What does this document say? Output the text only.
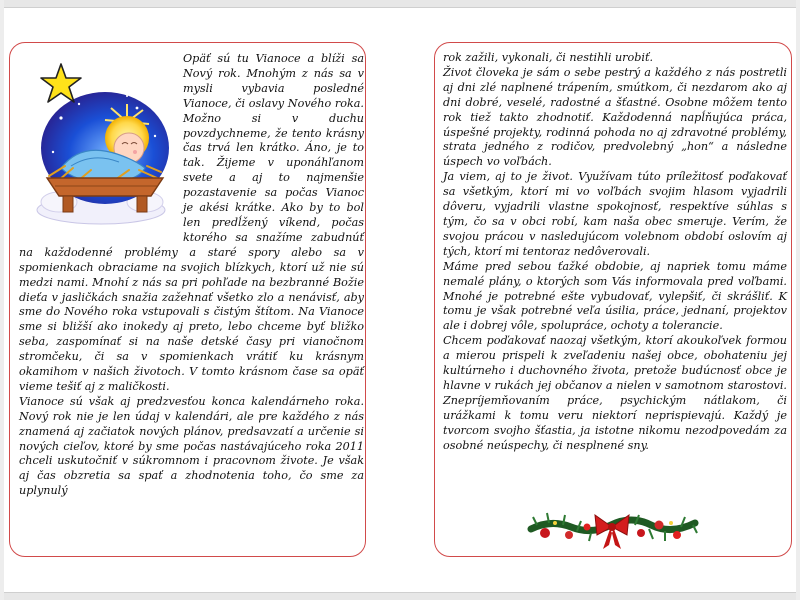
Opäť sú tu Vianoce a blíži sa Nový rok. Mnohým z nás sa v mysli vybavia posledné Vianoce, či oslavy Nového roka. Možno si v duchu povzdychneme, že tento krásny čas trvá len krátko. Áno, je to tak. Žijeme v uponáhľanom svete a aj to najmenšie pozastavenie sa počas Vianoc je akési krátke. Ako by to bol len predĺžený víkend, počas ktorého sa snažíme zabudnúť na každodenné problémy a staré spory alebo sa v spomienkach obraciame na svojich blízkych, ktorí už nie sú medzi nami. Mnohí z nás sa pri pohľade na bezbranné Božie dieťa v jasličkách snažia zažehnať všetko zlo a nenávisť, aby sme do Nového roka vstupovali s čistým štítom. Na Vianoce sme si bližší ako inokedy aj preto, lebo chceme byť bližko seba, zaspomínať si na naše detské časy pri vianočnom stromčeku, či sa v spomienkach vrátiť ku krásnym okamihom v našich životoch. V tomto krásnom čase sa opäť vieme tešiť aj z maličkosti.

Vianoce sú však aj predzvesťou konca kalendárneho roka. Nový rok nie je len údaj v kalendári, ale pre každého z nás znamená aj začiatok nových plánov, predsavzatí a určenie si nových cieľov, ktoré by sme počas nastávajúceho roka 2011 chceli uskutočniť v súkromnom i pracovnom živote. Je však aj čas obzretia sa spať a zhodnotenia toho, čo sme za uplynulý

rok zažili, vykonali, či nestihli urobiť.

Život človeka je sám o sebe pestrý a každého z nás postretli aj dni zlé naplnené trápením, smútkom, či nezdarom ako aj dni dobré, veselé, radostné a šťastné. Osobne môžem tento rok tiež takto zhodnotiť. Každodenná napĺňujúca práca, úspešné projekty, rodinná pohoda no aj zdravotné problémy, strata jedného z rodičov, predvolebný „hon“ a následne úspech vo voľbách.

Ja viem, aj to je život. Využívam túto príležitosť poďakovať sa všetkým, ktorí mi vo voľbách svojim hlasom vyjadrili dôveru, vyjadrili vlastne spokojnosť, respektíve súhlas s tým, čo sa v obci robí, kam naša obec smeruje. Verím, že svojou prácou v nasledujúcom volebnom období oslovím aj tých, ktorí mi tentoraz nedôverovali.

Máme pred sebou ťažké obdobie, aj napriek tomu máme nemalé plány, o ktorých som Vás informovala pred voľbami. Mnohé je potrebné ešte vybudovať, vylepšiť, či skrášliť. K tomu je však potrebné veľa úsilia, práce, jednaní, projektov ale i dobrej vôle, spolupráce, ochoty a tolerancie.

Chcem poďakovať naozaj všetkým, ktorí akoukoľvek formou a mierou prispeli k zveľadeniu našej obce, obohateniu jej kultúrneho i duchovného života, pretože budúcnosť obce je hlavne v rukách jej občanov a nielen v samotnom starostovi. Znepríjemňovaním práce, psychickým nátlakom, či urážkami k tomu veru niektorí neprispievajú. Každý je tvorcom svojho šťastia, ja istotne nikomu nezodpovedám za osobné neúspechy, či nesplnené sny.
